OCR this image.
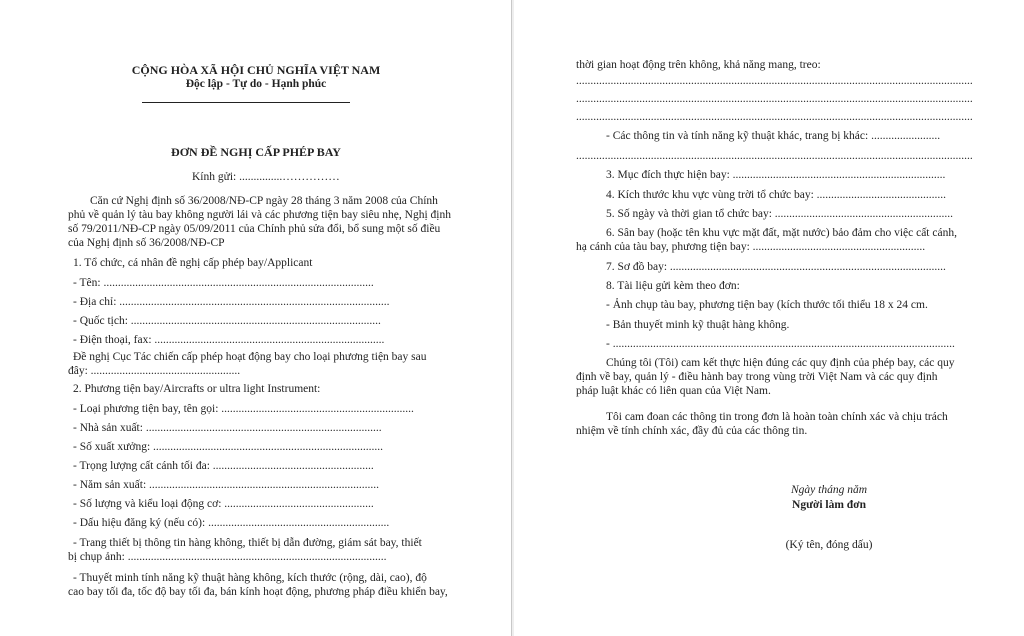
CỘNG HÒA XÃ HỘI CHỦ NGHĨA VIỆT NAM
Độc lập - Tự do - Hạnh phúc
ĐƠN ĐỀ NGHỊ CẤP PHÉP BAY
Kính gửi: ...............……………
Căn cứ Nghị định số 36/2008/NĐ-CP ngày 28 tháng 3 năm 2008 của Chính
phủ về quản lý tàu bay không người lái và các phương tiện bay siêu nhẹ, Nghị định
số 79/2011/NĐ-CP ngày 05/09/2011 của Chính phủ sửa đổi, bổ sung một số điều
của Nghị định số 36/2008/NĐ-CP
1. Tổ chức, cá nhân đề nghị cấp phép bay/Applicant
- Tên: ..............................................................................................
- Địa chỉ: ..............................................................................................
- Quốc tịch: .......................................................................................
- Điện thoại, fax: ................................................................................
Đề nghị Cục Tác chiến cấp phép hoạt động bay cho loại phương tiện bay sau
đây: ....................................................
2. Phương tiện bay/Aircrafts or ultra light Instrument:
- Loại phương tiện bay, tên gọi: ...................................................................
- Nhà sản xuất: ..................................................................................
- Số xuất xưởng: ................................................................................
- Trọng lượng cất cánh tối đa: ........................................................
- Năm sản xuất: ................................................................................
- Số lượng và kiểu loại động cơ: ....................................................
- Dấu hiệu đăng ký (nếu có): ...............................................................
- Trang thiết bị thông tin hàng không, thiết bị dẫn đường, giám sát bay, thiết
bị chụp ảnh: ..........................................................................................
- Thuyết minh tính năng kỹ thuật hàng không, kích thước (rộng, dài, cao), độ
cao bay tối đa, tốc độ bay tối đa, bán kính hoạt động, phương pháp điều khiển bay,
thời gian hoạt động trên không, khả năng mang, treo:
..........................................................................................................................................
..........................................................................................................................................
..........................................................................................................................................
- Các thông tin và tính năng kỹ thuật khác, trang bị khác: ........................
..........................................................................................................................................
3. Mục đích thực hiện bay: ..........................................................................
4. Kích thước khu vực vùng trời tổ chức bay: .............................................
5. Số ngày và thời gian tổ chức bay: ..............................................................
6. Sân bay (hoặc tên khu vực mặt đất, mặt nước) bảo đảm cho việc cất cánh,
hạ cánh của tàu bay, phương tiện bay: ............................................................
7. Sơ đồ bay: ................................................................................................
8. Tài liệu gửi kèm theo đơn:
- Ảnh chụp tàu bay, phương tiện bay (kích thước tối thiểu 18 x 24 cm.
- Bản thuyết minh kỹ thuật hàng không.
- .......................................................................................................................
Chúng tôi (Tôi) cam kết thực hiện đúng các quy định của phép bay, các quy
định về bay, quản lý - điều hành bay trong vùng trời Việt Nam và các quy định
pháp luật khác có liên quan của Việt Nam.
Tôi cam đoan các thông tin trong đơn là hoàn toàn chính xác và chịu trách
nhiệm về tính chính xác, đầy đủ của các thông tin.
Ngày tháng năm
Người làm đơn
(Ký tên, đóng dấu)
